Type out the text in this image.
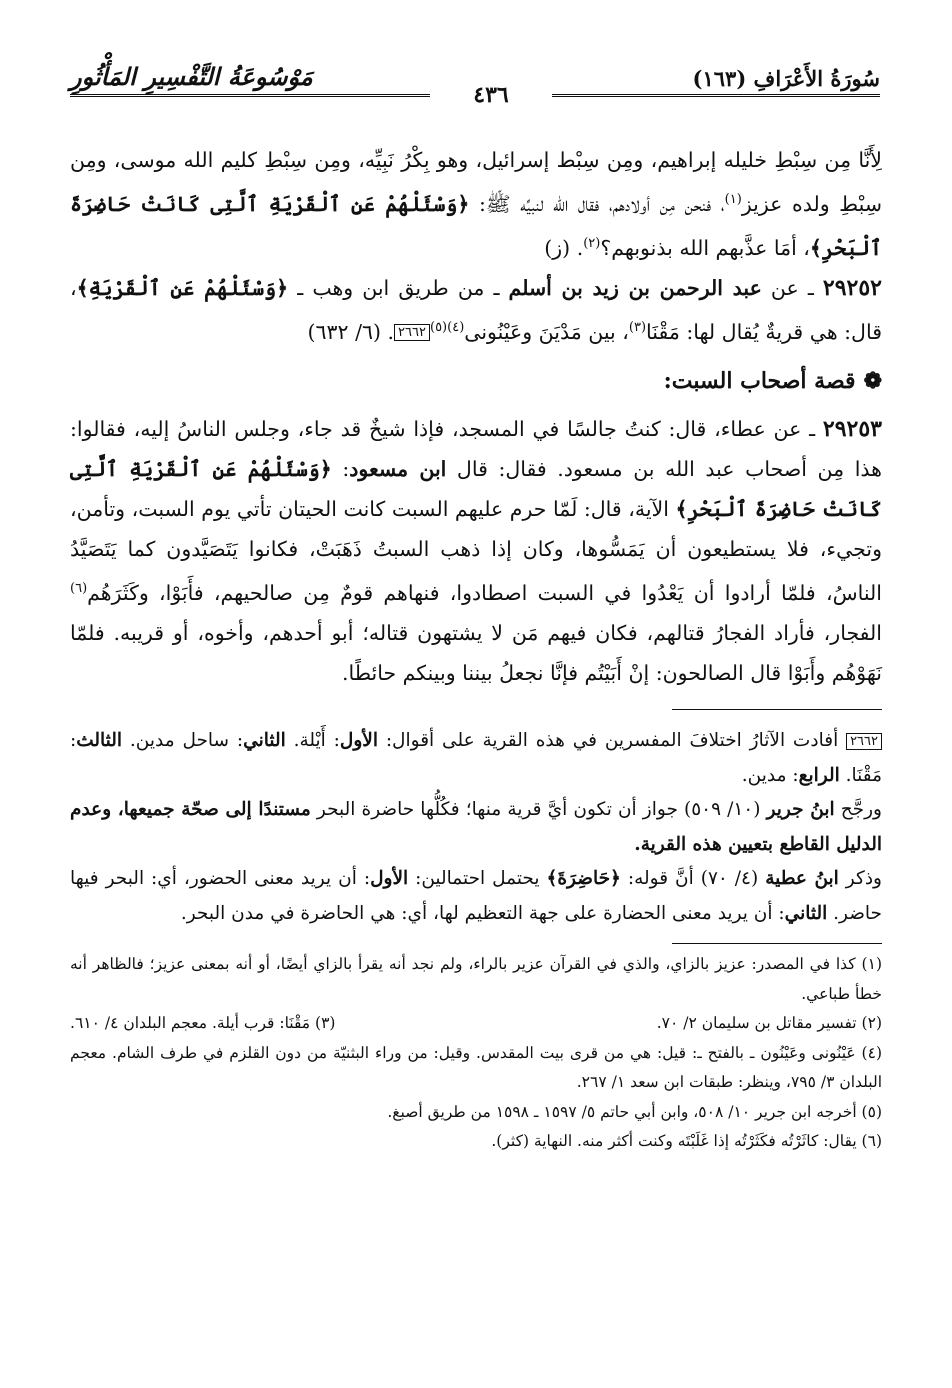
سُورَةُ الأَعْرَافِ (١٦٣)
٤٣٦
مَوْسُوعَةُ التَّفْسِيرِ المَأْثُورِ

لِأَنَّا مِن سِبْطِ خليله إبراهيم، ومِن سِبْط إسرائيل، وهو بِكْرُ نَبِيِّه، ومِن سِبْطِ كليم الله موسى، ومِن سِبْطِ ولده عزيز$^{(١)}$، فنحن مِن أولادهم، فقال الله لنبيِّه ﷺ: ﴿وَسْئَلْهُمْ عَنِ ٱلْقَرْيَةِ ٱلَّتِى كَانَتْ حَاضِرَةَ ٱلْبَحْرِ﴾، أمَا عذَّبهم الله بذنوبهم؟$^{(٢)}$. (ز)

٢٩٢٥٢ ـ عن عبد الرحمن بن زيد بن أسلم ـ من طريق ابن وهب ـ ﴿وَسْئَلْهُمْ عَنِ ٱلْقَرْيَةِ﴾، قال: هي قريةٌ يُقال لها: مَقْنَا$^{(٣)}$، بين مَدْيَنَ وعَيْنُونى$^{(٤)(٥)}$٢٦٦٢. (٦/ ٦٣٢)

❁قصة أصحاب السبت:

٢٩٢٥٣ ـ عن عطاء، قال: كنتُ جالسًا في المسجد، فإذا شيخٌ قد جاء، وجلس الناسُ إليه، فقالوا: هذا مِن أصحاب عبد الله بن مسعود. فقال: قال ابن مسعود: ﴿وَسْئَلْهُمْ عَنِ ٱلْقَرْيَةِ ٱلَّتِى كَانَتْ حَاضِرَةَ ٱلْبَحْرِ﴾ الآية، قال: لَمّا حرم عليهم السبت كانت الحيتان تأتي يوم السبت، وتأمن، وتجيء، فلا يستطيعون أن يَمَسُّوها، وكان إذا ذهب السبتُ ذَهَبَتْ، فكانوا يَتَصَيَّدون كما يَتَصَيَّدُ الناسُ، فلمّا أرادوا أن يَعْدُوا في السبت اصطادوا، فنهاهم قومٌ مِن صالحيهم، فأَبَوْا، وكَثَرَهُم$^{(٦)}$ الفجار، فأراد الفجارُ قتالهم، فكان فيهم مَن لا يشتهون قتاله؛ أبو أحدهم، وأخوه، أو قريبه. فلمّا نَهَوْهُم وأَبَوْا قال الصالحون: إنْ أَبَيْتُم فإنَّا نجعلُ بيننا وبينكم حائطًا.

٢٦٦٢ أفادت الآثارُ اختلافَ المفسرين في هذه القرية على أقوال: الأول: أَيْلة. الثاني: ساحل مدين. الثالث: مَقْنَا. الرابع: مدين.

ورجَّح ابنُ جرير (١٠/ ٥٠٩) جواز أن تكون أيَّ قرية منها؛ فكُلُّها حاضرة البحر مستندًا إلى صحّة جميعها، وعدم الدليل القاطع بتعيين هذه القرية.

وذكر ابنُ عطية (٤/ ٧٠) أنَّ قوله: ﴿حَاضِرَةَ﴾ يحتمل احتمالين: الأول: أن يريد معنى الحضور، أي: البحر فيها حاضر. الثاني: أن يريد معنى الحضارة على جهة التعظيم لها، أي: هي الحاضرة في مدن البحر.

(١) كذا في المصدر: عزيز بالزاي، والذي في القرآن عزير بالراء، ولم نجد أنه يقرأ بالزاي أيضًا، أو أنه بمعنى عزيز؛ فالظاهر أنه خطأ طباعي.

(٢) تفسير مقاتل بن سليمان ٢/ ٧٠.
(٣) مَقْنَا: قرب أيلة. معجم البلدان ٤/ ٦١٠.

(٤) عَيْنُونى وعَيْنُون ـ بالفتح ـ: قيل: هي من قرى بيت المقدس. وقيل: من وراء البثنيّة من دون القلزم في طرف الشام. معجم البلدان ٣/ ٧٩٥، وينظر: طبقات ابن سعد ١/ ٢٦٧.

(٥) أخرجه ابن جرير ١٠/ ٥٠٨، وابن أبي حاتم ٥/ ١٥٩٧ ـ ١٥٩٨ من طريق أصبغ.

(٦) يقال: كاثَرْتُه فكَثَرْتُه إذا غَلَبْتَه وكنت أكثر منه. النهاية (كثر).
